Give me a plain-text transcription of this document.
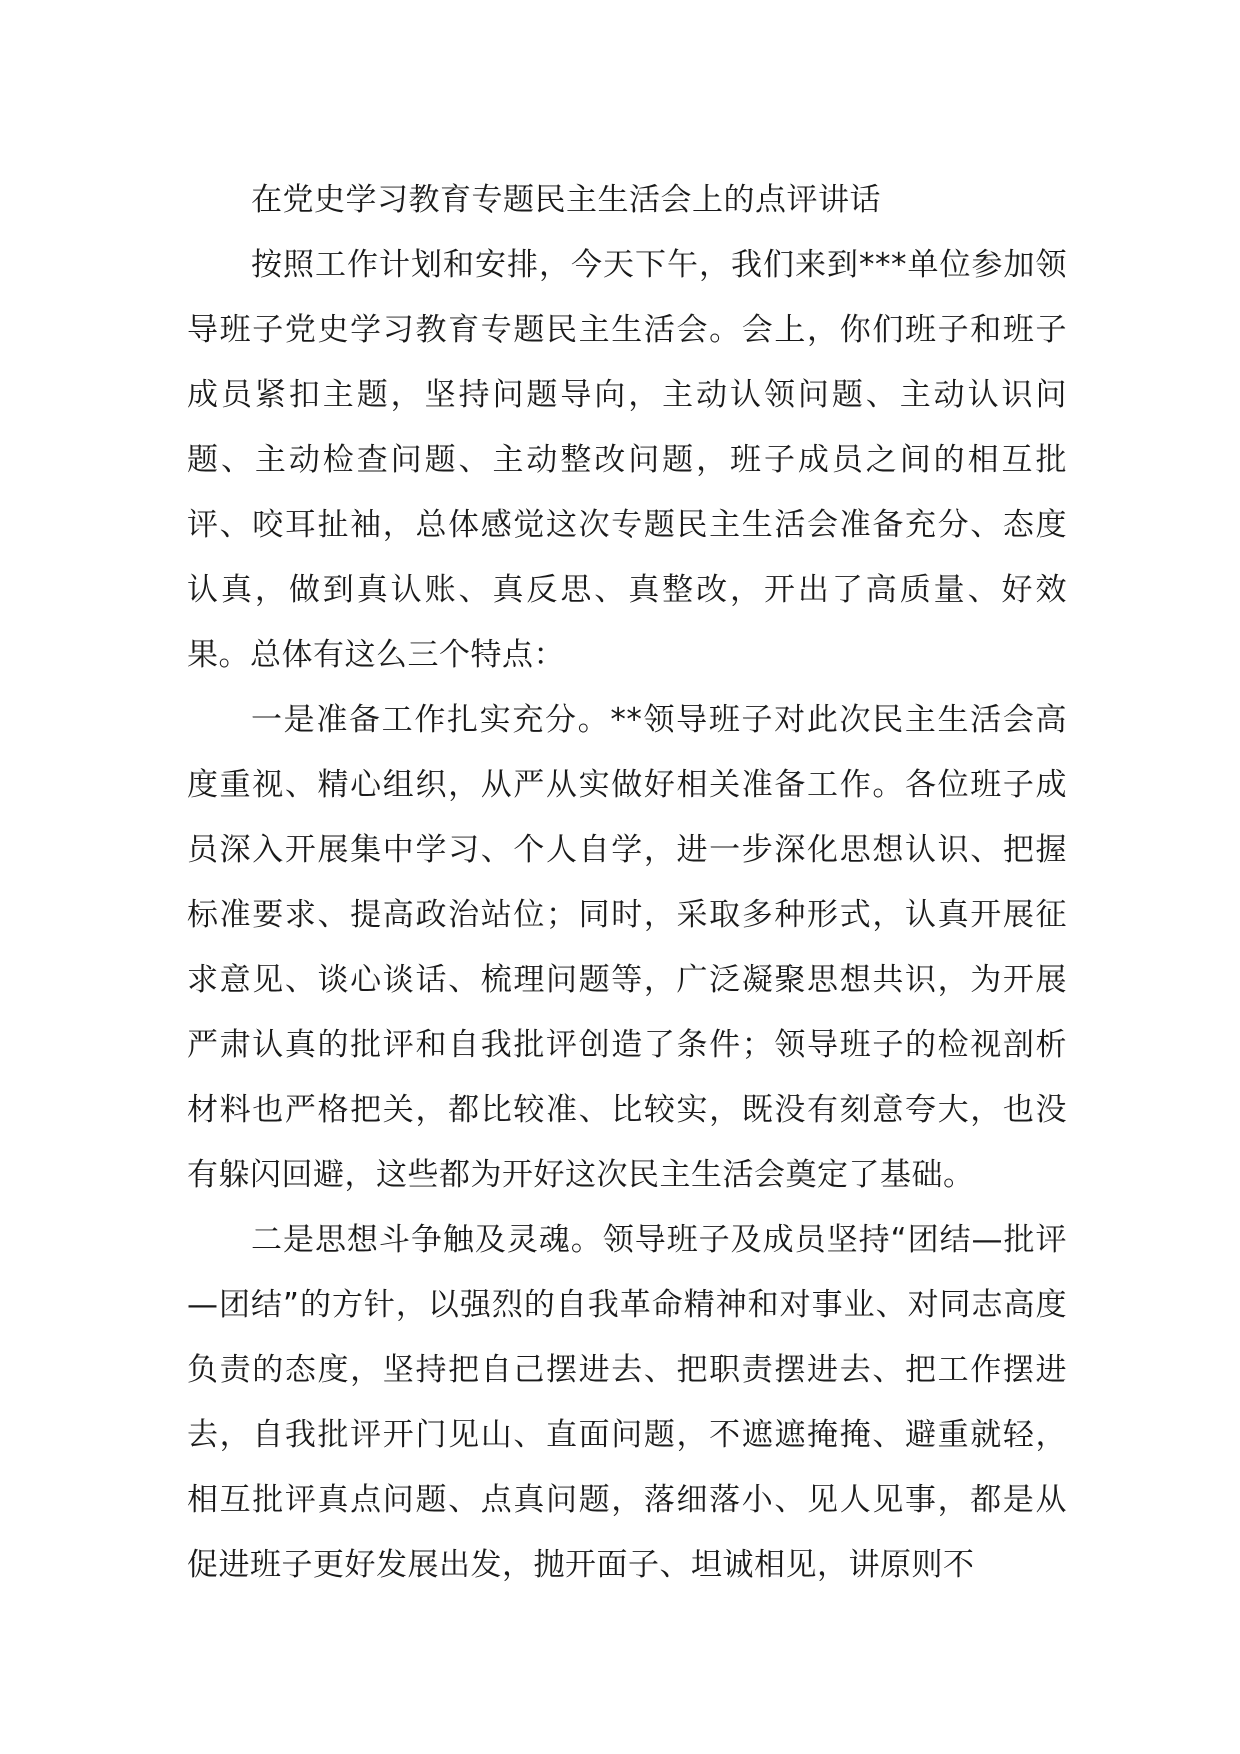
在党史学习教育专题民主生活会上的点评讲话

按照工作计划和安排，今天下午，我们来到***单位参加领导班子党史学习教育专题民主生活会。会上，你们班子和班子成员紧扣主题，坚持问题导向，主动认领问题、主动认识问题、主动检查问题、主动整改问题，班子成员之间的相互批评、咬耳扯袖，总体感觉这次专题民主生活会准备充分、态度认真，做到真认账、真反思、真整改，开出了高质量、好效果。总体有这么三个特点：

一是准备工作扎实充分。**领导班子对此次民主生活会高度重视、精心组织，从严从实做好相关准备工作。各位班子成员深入开展集中学习、个人自学，进一步深化思想认识、把握标准要求、提高政治站位；同时，采取多种形式，认真开展征求意见、谈心谈话、梳理问题等，广泛凝聚思想共识，为开展严肃认真的批评和自我批评创造了条件；领导班子的检视剖析材料也严格把关，都比较准、比较实，既没有刻意夸大，也没有躲闪回避，这些都为开好这次民主生活会奠定了基础。

二是思想斗争触及灵魂。领导班子及成员坚持“团结—批评—团结”的方针，以强烈的自我革命精神和对事业、对同志高度负责的态度，坚持把自己摆进去、把职责摆进去、把工作摆进去，自我批评开门见山、直面问题，不遮遮掩掩、避重就轻，相互批评真点问题、点真问题，落细落小、见人见事，都是从促进班子更好发展出发，抛开面子、坦诚相见，讲原则不
